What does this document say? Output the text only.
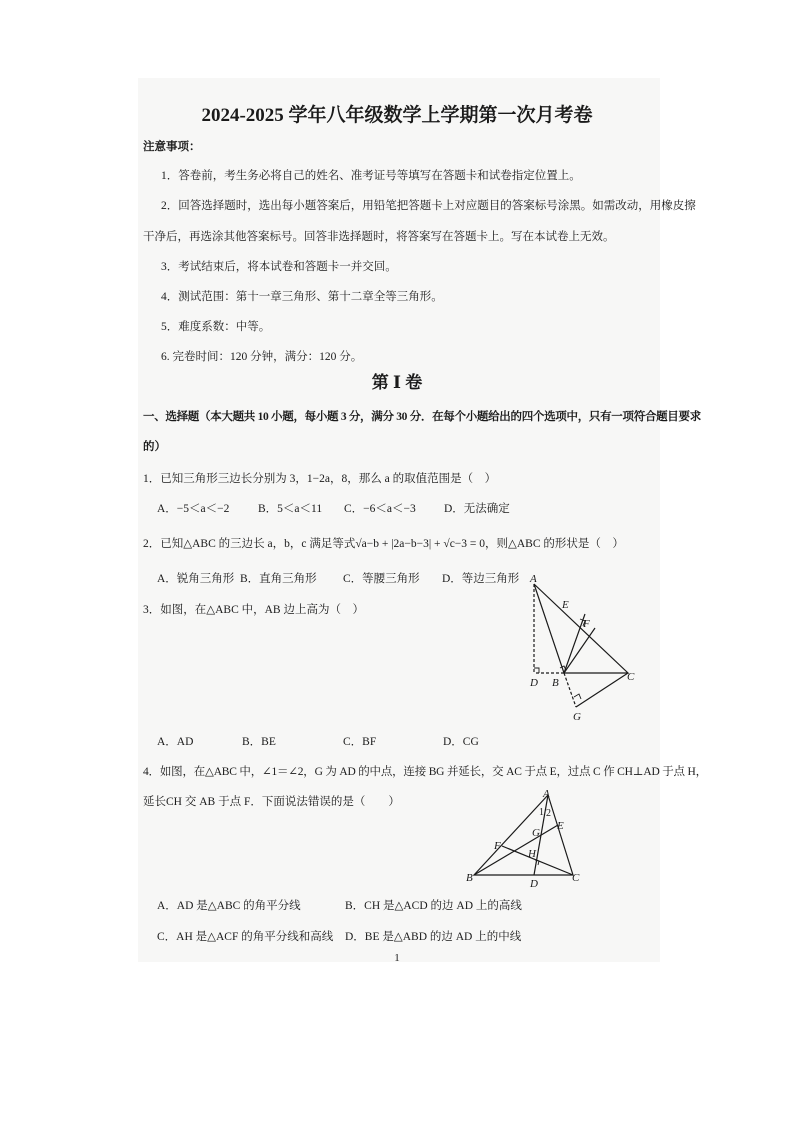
2024-2025 学年八年级数学上学期第一次月考卷
注意事项：
1．答卷前，考生务必将自己的姓名、准考证号等填写在答题卡和试卷指定位置上。
2．回答选择题时，选出每小题答案后，用铅笔把答题卡上对应题目的答案标号涂黑。如需改动，用橡皮擦
干净后，再选涂其他答案标号。回答非选择题时，将答案写在答题卡上。写在本试卷上无效。
3．考试结束后，将本试卷和答题卡一并交回。
4．测试范围：第十一章三角形、第十二章全等三角形。
5．难度系数：中等。
6. 完卷时间：120 分钟，满分：120 分。
第 Ⅰ 卷
一、选择题（本大题共 10 小题，每小题 3 分，满分 30 分．在每个小题给出的四个选项中，只有一项符合题目要求
的）
1．已知三角形三边长分别为 3，1−2a，8，那么 a 的取值范围是（　）
A．−5＜a＜−2 B．5＜a＜11 C．−6＜a＜−3 D．无法确定
2．已知△ABC 的三边长 a，b，c 满足等式√a−b + |2a−b−3| + √c−3 = 0，则△ABC 的形状是（　）
A．锐角三角形 B．直角三角形 C．等腰三角形 D．等边三角形
3．如图，在△ABC 中，AB 边上高为（　）
A
E
F
D B	C
G
A．AD	B．BE	C．BF	D．CG
4．如图，在△ABC 中，∠1＝∠2，G 为 AD 的中点，连接 BG 并延长，交 AC 于点 E，过点 C 作 CH⊥AD 于点 H，
延长CH 交 AB 于点 F．下面说法错误的是（　　）
A
1 2
E
G
F
H
B	D	C
A．AD 是△ABC 的角平分线	B．CH 是△ACD 的边 AD 上的高线
C．AH 是△ACF 的角平分线和高线 D．BE 是△ABD 的边 AD 上的中线
1
